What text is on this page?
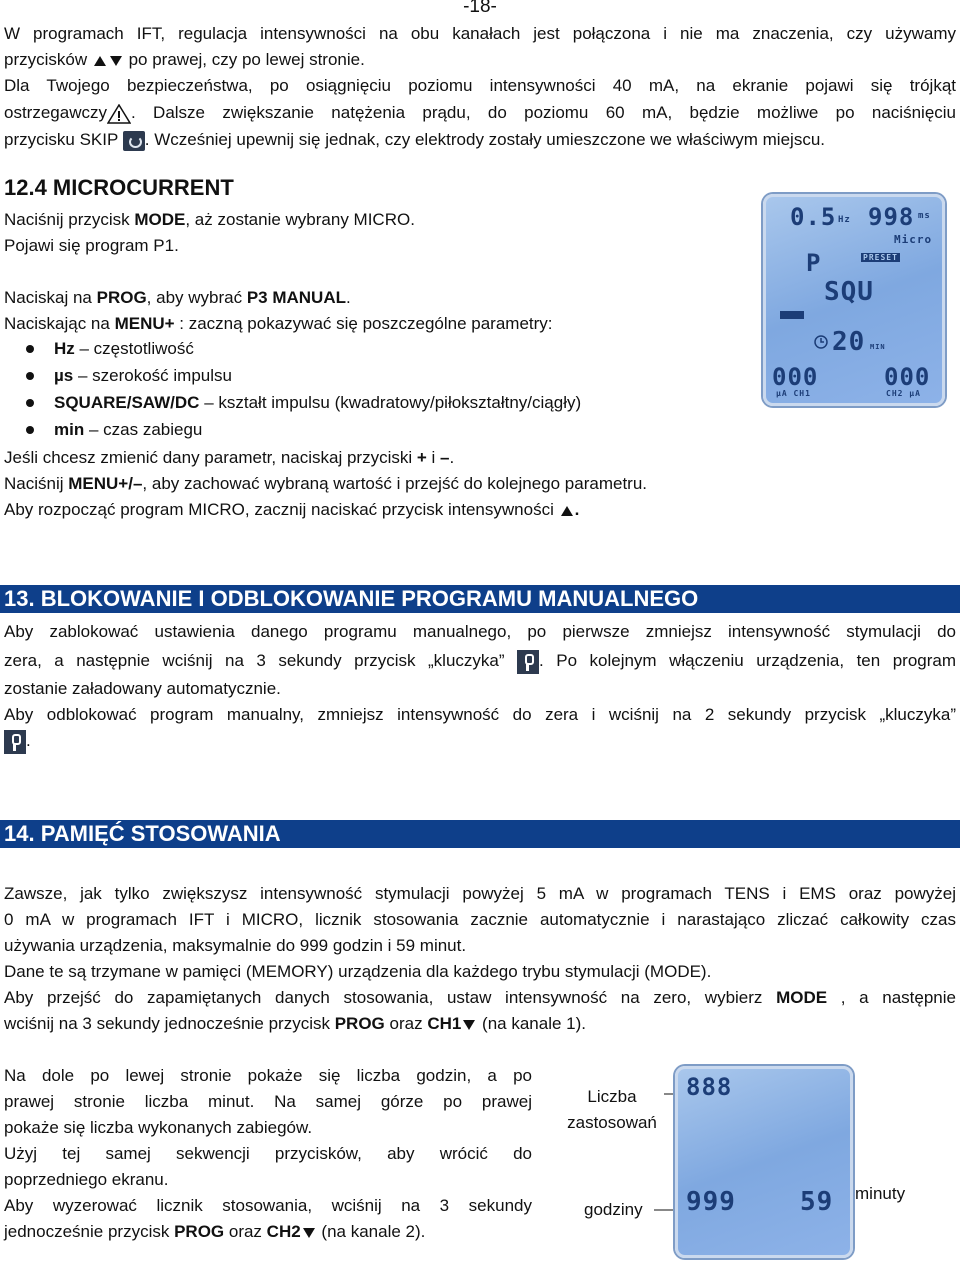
-18-

W programach IFT, regulacja intensywności na obu kanałach jest połączona i nie ma znaczenia, czy używamy

przycisków po prawej, czy po lewej stronie.

Dla Twojego bezpieczeństwa, po osiągnięciu poziomu intensywności 40 mA, na ekranie pojawi się trójkąt

ostrzegawczy . Dalsze zwiększanie natężenia prądu, do poziomu 60 mA, będzie możliwe po naciśnięciu

przycisku SKIP . Wcześniej upewnij się jednak, czy elektrody zostały umieszczone we właściwym miejscu.

12.4 MICROCURRENT

Naciśnij przycisk MODE, aż zostanie wybrany MICRO.

Pojawi się program P1.

Naciskaj na PROG, aby wybrać P3 MANUAL.

Naciskając na MENU+ : zaczną pokazywać się poszczególne parametry:

Hz – częstotliwość
µs – szerokość impulsu
SQUARE/SAW/DC – kształt impulsu (kwadratowy/piłokształtny/ciągły)
min – czas zabiegu

Jeśli chcesz zmienić dany parametr, naciskaj przyciski + i –.

Naciśnij MENU+/–, aby zachować wybraną wartość i przejść do kolejnego parametru.

Aby rozpocząć program MICRO, zacznij naciskać przycisk intensywności .

0.5 Hz 998 ms
Micro
P	PRESET
SQU
20 MIN
000	000
µA CH1	CH2 µA
13. BLOKOWANIE I ODBLOKOWANIE PROGRAMU MANUALNEGO

Aby zablokować ustawienia danego programu manualnego, po pierwsze zmniejsz intensywność stymulacji do

zera, a następnie wciśnij na 3 sekundy przycisk „kluczyka” . Po kolejnym włączeniu urządzenia, ten program

zostanie załadowany automatycznie.

Aby odblokować program manualny, zmniejsz intensywność do zera i wciśnij na 2 sekundy przycisk „kluczyka”

.

14. PAMIĘĆ STOSOWANIA

Zawsze, jak tylko zwiększysz intensywność stymulacji powyżej 5 mA w programach TENS i EMS oraz powyżej

0 mA w programach IFT i MICRO, licznik stosowania zacznie automatycznie i narastająco zliczać całkowity czas

używania urządzenia, maksymalnie do 999 godzin i 59 minut.

Dane te są trzymane w pamięci (MEMORY) urządzenia dla każdego trybu stymulacji (MODE).

Aby przejść do zapamiętanych danych stosowania, ustaw intensywność na zero, wybierz MODE , a następnie

wciśnij na 3 sekundy jednocześnie przycisk PROG oraz CH1 (na kanale 1).

Na dole po lewej stronie pokaże się liczba godzin, a po

prawej stronie liczba minut. Na samej górze po prawej

pokaże się liczba wykonanych zabiegów.

Użyj tej samej sekwencji przycisków, aby wrócić do

poprzedniego ekranu.

Aby wyzerować licznik stosowania, wciśnij na 3 sekundy

jednocześnie przycisk PROG oraz CH2 (na kanale 2).

Liczba zastosowań
godziny
minuty
888
999 59
